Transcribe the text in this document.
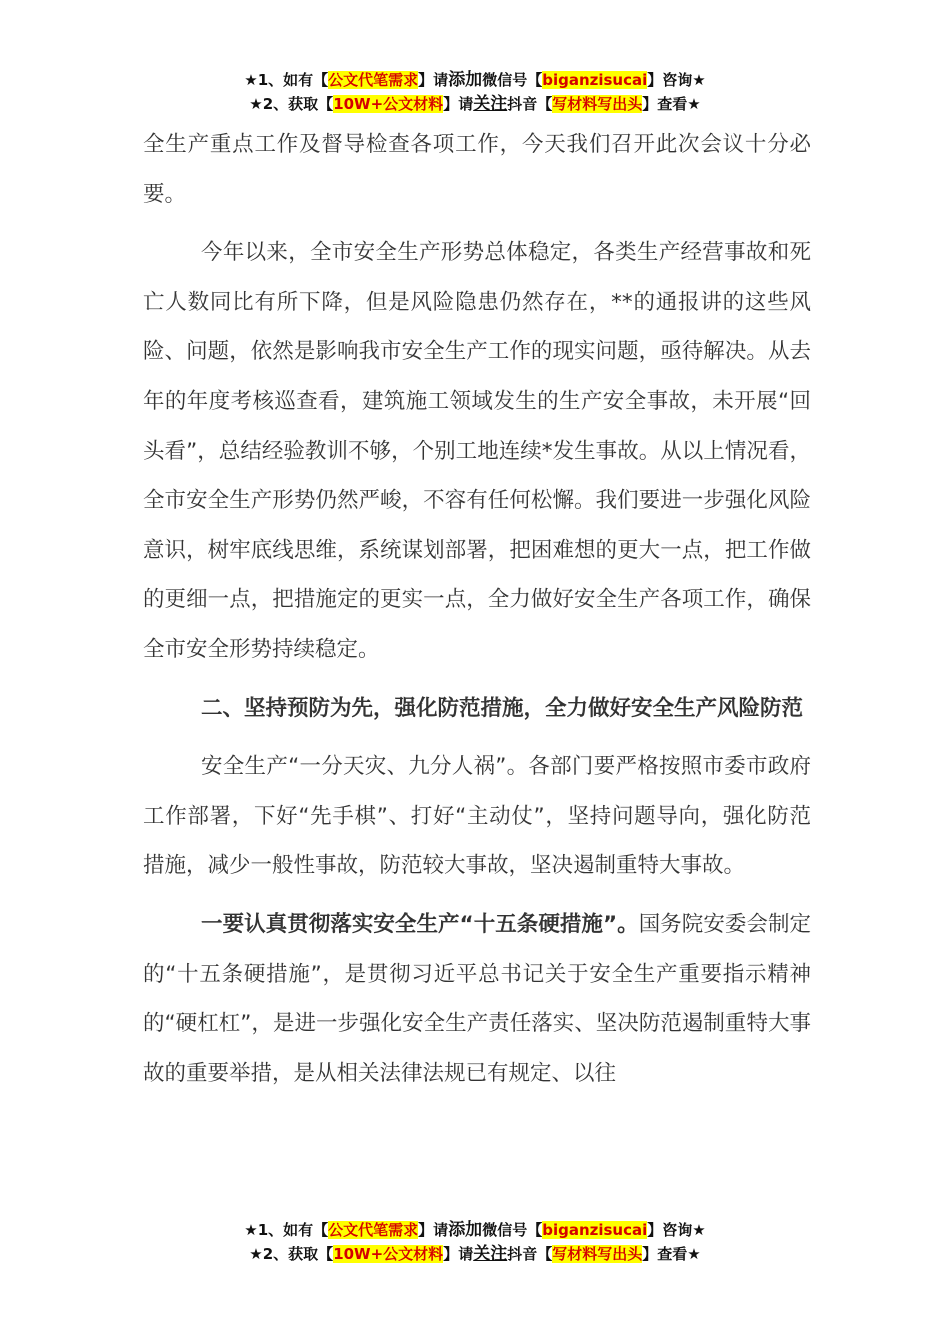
★1、如有【公文代笔需求】请添加微信号【biganzisucai】咨询★
★2、获取【10W+公文材料】请关注抖音【写材料写出头】查看★

全生产重点工作及督导检查各项工作，今天我们召开此次会议十分必要。

今年以来，全市安全生产形势总体稳定，各类生产经营事故和死亡人数同比有所下降，但是风险隐患仍然存在，**的通报讲的这些风险、问题，依然是影响我市安全生产工作的现实问题，亟待解决。从去年的年度考核巡查看，建筑施工领域发生的生产安全事故，未开展“回头看”，总结经验教训不够，个别工地连续*发生事故。从以上情况看，全市安全生产形势仍然严峻，不容有任何松懈。我们要进一步强化风险意识，树牢底线思维，系统谋划部署，把困难想的更大一点，把工作做的更细一点，把措施定的更实一点，全力做好安全生产各项工作，确保全市安全形势持续稳定。

二、坚持预防为先，强化防范措施，全力做好安全生产风险防范

安全生产“一分天灾、九分人祸”。各部门要严格按照市委市政府工作部署，下好“先手棋”、打好“主动仗”，坚持问题导向，强化防范措施，减少一般性事故，防范较大事故，坚决遏制重特大事故。

一要认真贯彻落实安全生产“十五条硬措施”。国务院安委会制定的“十五条硬措施”，是贯彻习近平总书记关于安全生产重要指示精神的“硬杠杠”，是进一步强化安全生产责任落实、坚决防范遏制重特大事故的重要举措，是从相关法律法规已有规定、以往

★1、如有【公文代笔需求】请添加微信号【biganzisucai】咨询★
★2、获取【10W+公文材料】请关注抖音【写材料写出头】查看★
